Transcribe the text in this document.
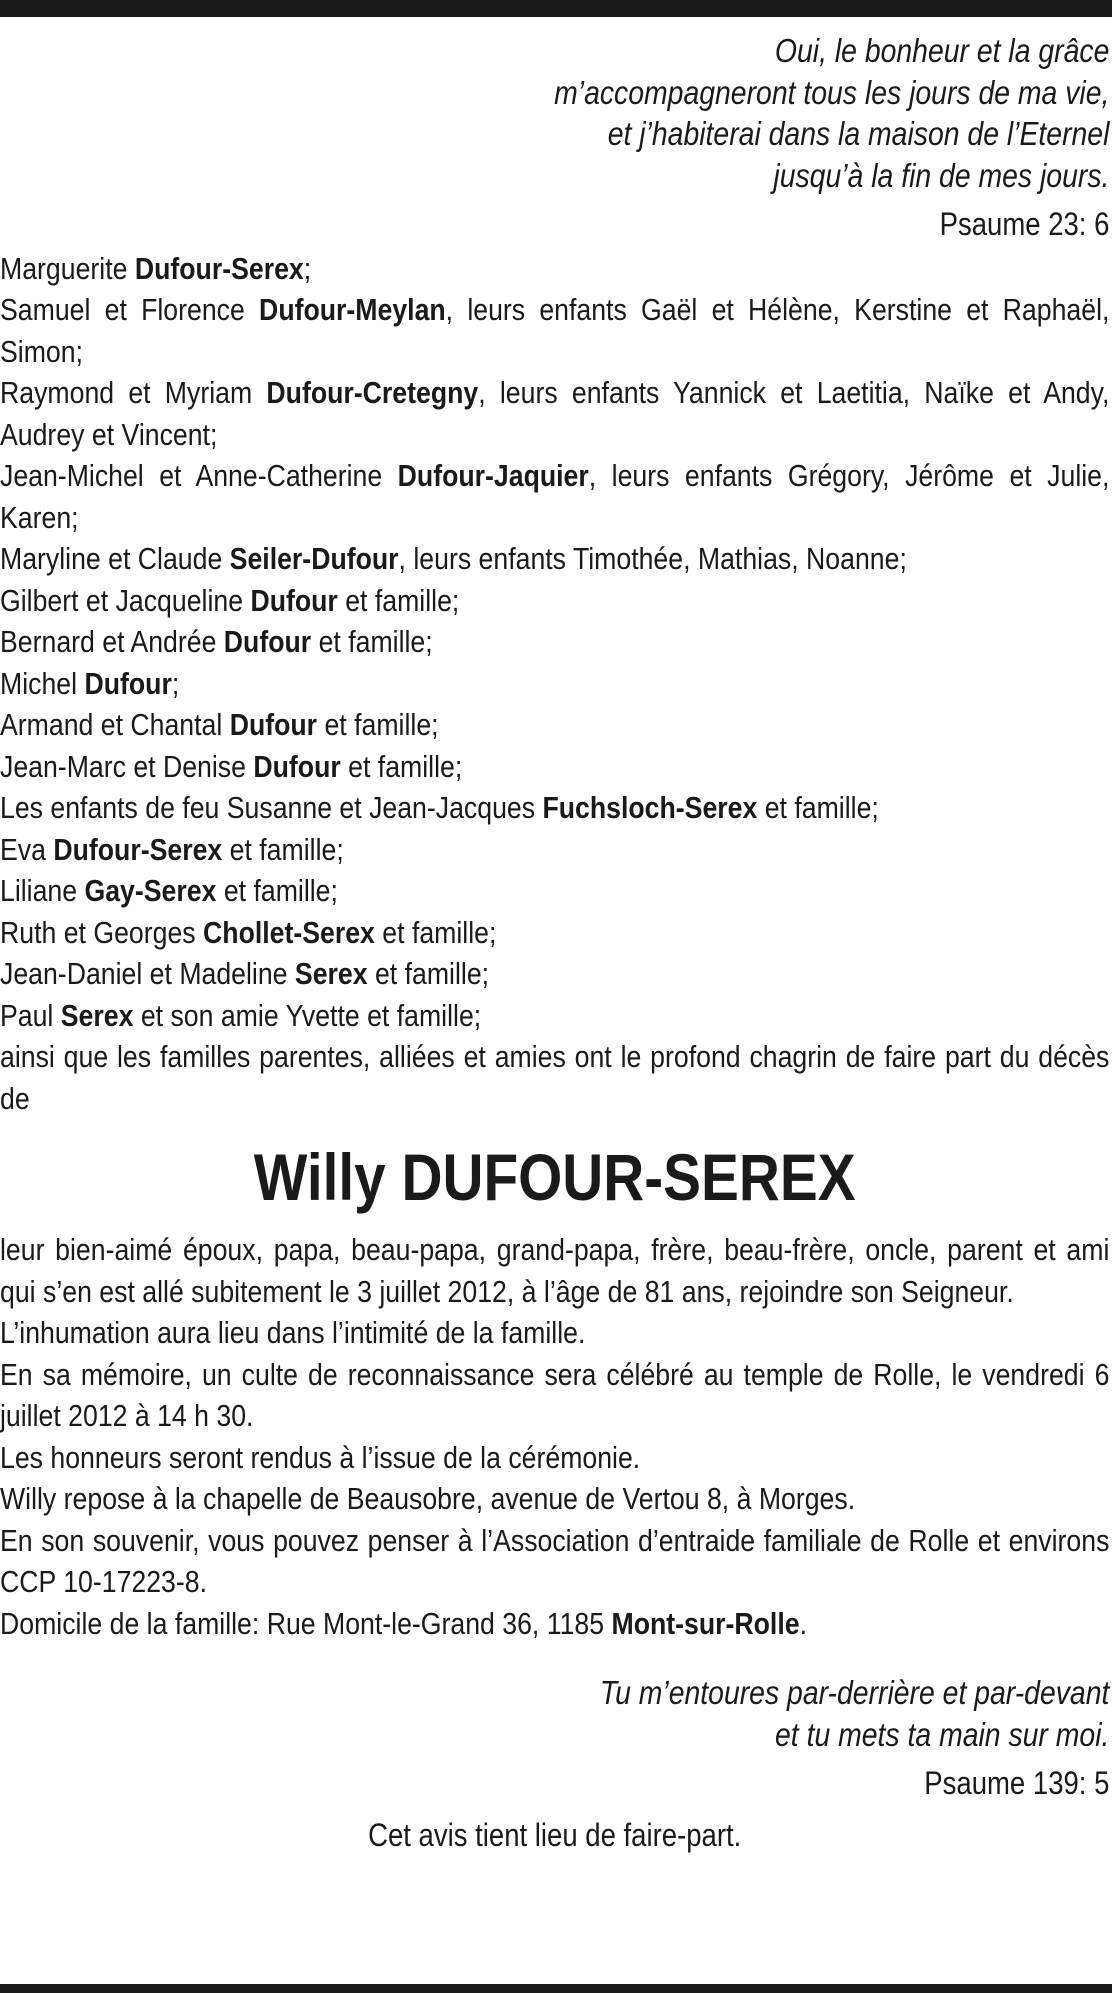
Oui, le bonheur et la grâce
m’accompagneront tous les jours de ma vie,
et j’habiterai dans la maison de l’Eternel
jusqu’à la fin de mes jours.
Psaume 23: 6
Marguerite Dufour-Serex;
Samuel et Florence Dufour-Meylan, leurs enfants Gaël et Hélène, Kerstine et Raphaël, Simon;
Raymond et Myriam Dufour-Cretegny, leurs enfants Yannick et Laetitia, Naïke et Andy, Audrey et Vincent;
Jean-Michel et Anne-Catherine Dufour-Jaquier, leurs enfants Grégory, Jérôme et Julie, Karen;
Maryline et Claude Seiler-Dufour, leurs enfants Timothée, Mathias, Noanne;
Gilbert et Jacqueline Dufour et famille;
Bernard et Andrée Dufour et famille;
Michel Dufour;
Armand et Chantal Dufour et famille;
Jean-Marc et Denise Dufour et famille;
Les enfants de feu Susanne et Jean-Jacques Fuchsloch-Serex et famille;
Eva Dufour-Serex et famille;
Liliane Gay-Serex et famille;
Ruth et Georges Chollet-Serex et famille;
Jean-Daniel et Madeline Serex et famille;
Paul Serex et son amie Yvette et famille;
ainsi que les familles parentes, alliées et amies ont le profond chagrin de faire part du décès de
Willy DUFOUR-SEREX
leur bien-aimé époux, papa, beau-papa, grand-papa, frère, beau-frère, oncle, parent et ami qui s’en est allé subitement le 3 juillet 2012, à l’âge de 81 ans, rejoindre son Seigneur.
L’inhumation aura lieu dans l’intimité de la famille.
En sa mémoire, un culte de reconnaissance sera célébré au temple de Rolle, le vendredi 6 juillet 2012 à 14 h 30.
Les honneurs seront rendus à l’issue de la cérémonie.
Willy repose à la chapelle de Beausobre, avenue de Vertou 8, à Morges.
En son souvenir, vous pouvez penser à l’Association d’entraide familiale de Rolle et environs CCP 10-17223-8.
Domicile de la famille: Rue Mont-le-Grand 36, 1185 Mont-sur-Rolle.
Tu m’entoures par-derrière et par-devant
et tu mets ta main sur moi.
Psaume 139: 5
Cet avis tient lieu de faire-part.
